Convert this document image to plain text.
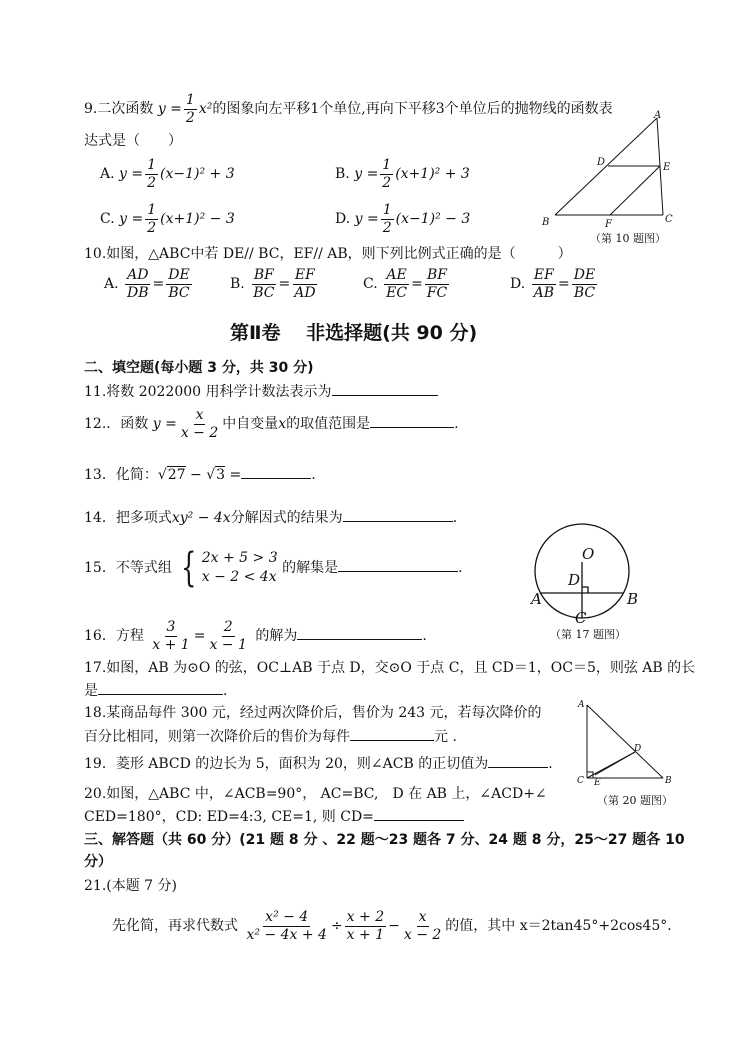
9.二次函数 $y = \frac{1}{2} x^2$的图象向左平移1个单位,再向下平移3个单位后的抛物线的函数表
达式是（　　）
A. $y = \frac{1}{2} (x-1)^2 + 3$	B. $y = \frac{1}{2} (x+1)^2 + 3$
C. $y = \frac{1}{2} (x+1)^2 - 3$	D. $y = \frac{1}{2} (x-1)^2 - 3$
A
D	E
B	F	C
（第 10 题图）
10.如图，△ABC中若 DE// BC，EF// AB，则下列比例式正确的是（　　　）
A. $\frac{AD}{DB} = \frac{DE}{BC}$	B. $\frac{BF}{BC} = \frac{EF}{AD}$	C. $\frac{AE}{EC} = \frac{BF}{FC}$	D. $\frac{EF}{AB} = \frac{DE}{BC}$
第Ⅱ卷　 非选择题(共 90 分)
二、填空题(每小题 3 分，共 30 分)
11.将数 2022000 用科学计数法表示为
12.．函数 $y = \frac{x}{x - 2}$ 中自变量x的取值范围是	.
13．化简：√27 − √3 =	.
14．把多项式xy² − 4x分解因式的结果为	.
15．不等式组 { 2x + 5 > 3
x − 2 < 4x
的解集是	.
O
D
A	B
C
（第 17 题图）
16．方程 $\frac{3}{x + 1} = \frac{2}{x - 1}$ 的解为	.
17.如图，AB 为⊙O 的弦，OC⊥AB 于点 D，交⊙O 于点 C，且 CD＝1，OC＝5，则弦 AB 的长
是	.
A
D
C E	B
（第 20 题图）
18.某商品每件 300 元，经过两次降价后，售价为 243 元，若每次降价的
百分比相同，则第一次降价后的售价为每件	元 .
19．菱形 ABCD 的边长为 5，面积为 20，则∠ACB 的正切值为	.
20.如图，△ABC 中，∠ACB=90°， AC=BC,　D 在 AB 上，∠ACD+∠
CED=180°，CD: ED=4:3, CE=1, 则 CD=
三、解答题（共 60 分）(21 题 8 分 、22 题～23 题各 7 分、24 题 8 分，25～27 题各 10
分）
21.(本题 7 分)
先化简，再求代数式 $\frac{\text{x² − 4}}{\text{x² − 4x + 4}} \div \frac{x + 2}{x + 1} - \frac{x}{x - 2}$ 的值，其中 x＝2tan45°+2cos45°．
